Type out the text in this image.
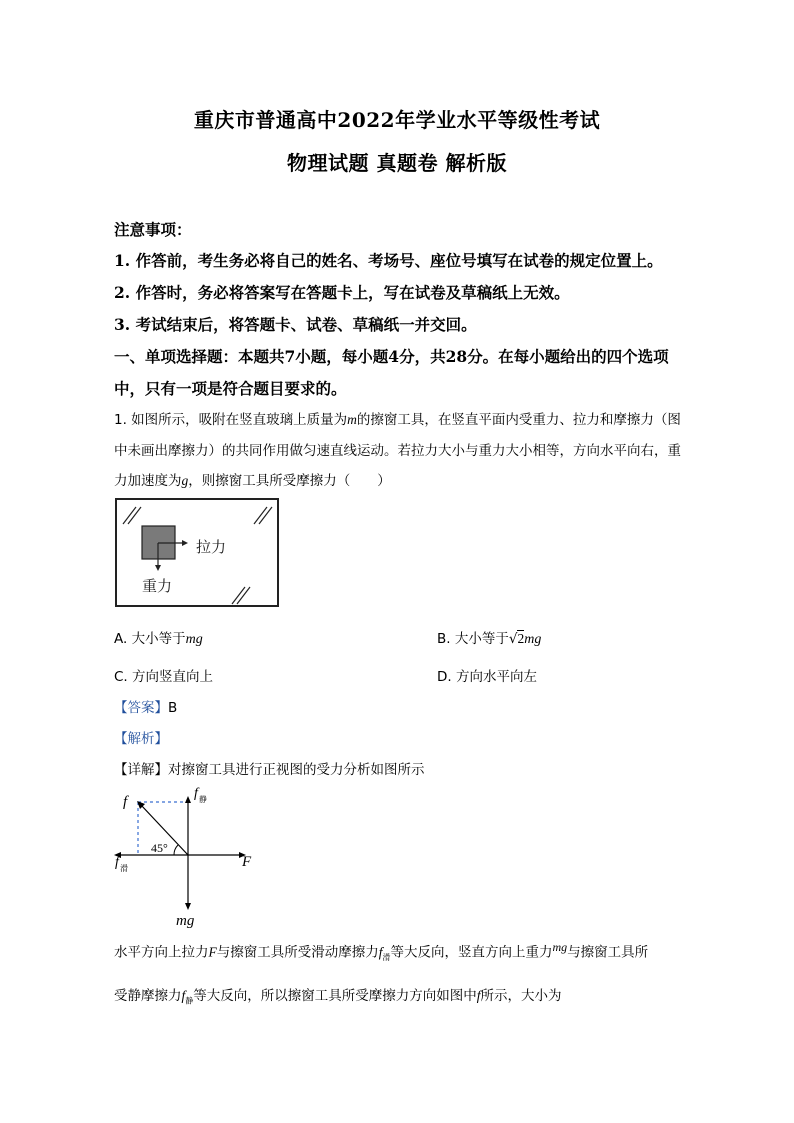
重庆市普通高中2022年学业水平等级性考试
物理试题 真题卷 解析版
注意事项：
1. 作答前，考生务必将自己的姓名、考场号、座位号填写在试卷的规定位置上。
2. 作答时，务必将答案写在答题卡上，写在试卷及草稿纸上无效。
3. 考试结束后，将答题卡、试卷、草稿纸一并交回。
一、单项选择题：本题共7小题，每小题4分，共28分。在每小题给出的四个选项
中，只有一项是符合题目要求的。
1. 如图所示，吸附在竖直玻璃上质量为m的擦窗工具，在竖直平面内受重力、拉力和摩擦力（图
中未画出摩擦力）的共同作用做匀速直线运动。若拉力大小与重力大小相等，方向水平向右，重
力加速度为g，则擦窗工具所受摩擦力（　　）
拉力
重力
A. 大小等于mg	B. 大小等于√2mg
C. 方向竖直向上	D. 方向水平向左
【答案】B
【解析】
【详解】对擦窗工具进行正视图的受力分析如图所示
45°
f
f 静
f 滑	F
mg
水平方向上拉力F与擦窗工具所受滑动摩擦力$f_滑$等大反向，竖直方向上重力$^{mg}$与擦窗工具所
受静摩擦力$f_静$等大反向，所以擦窗工具所受摩擦力方向如图中f所示，大小为
